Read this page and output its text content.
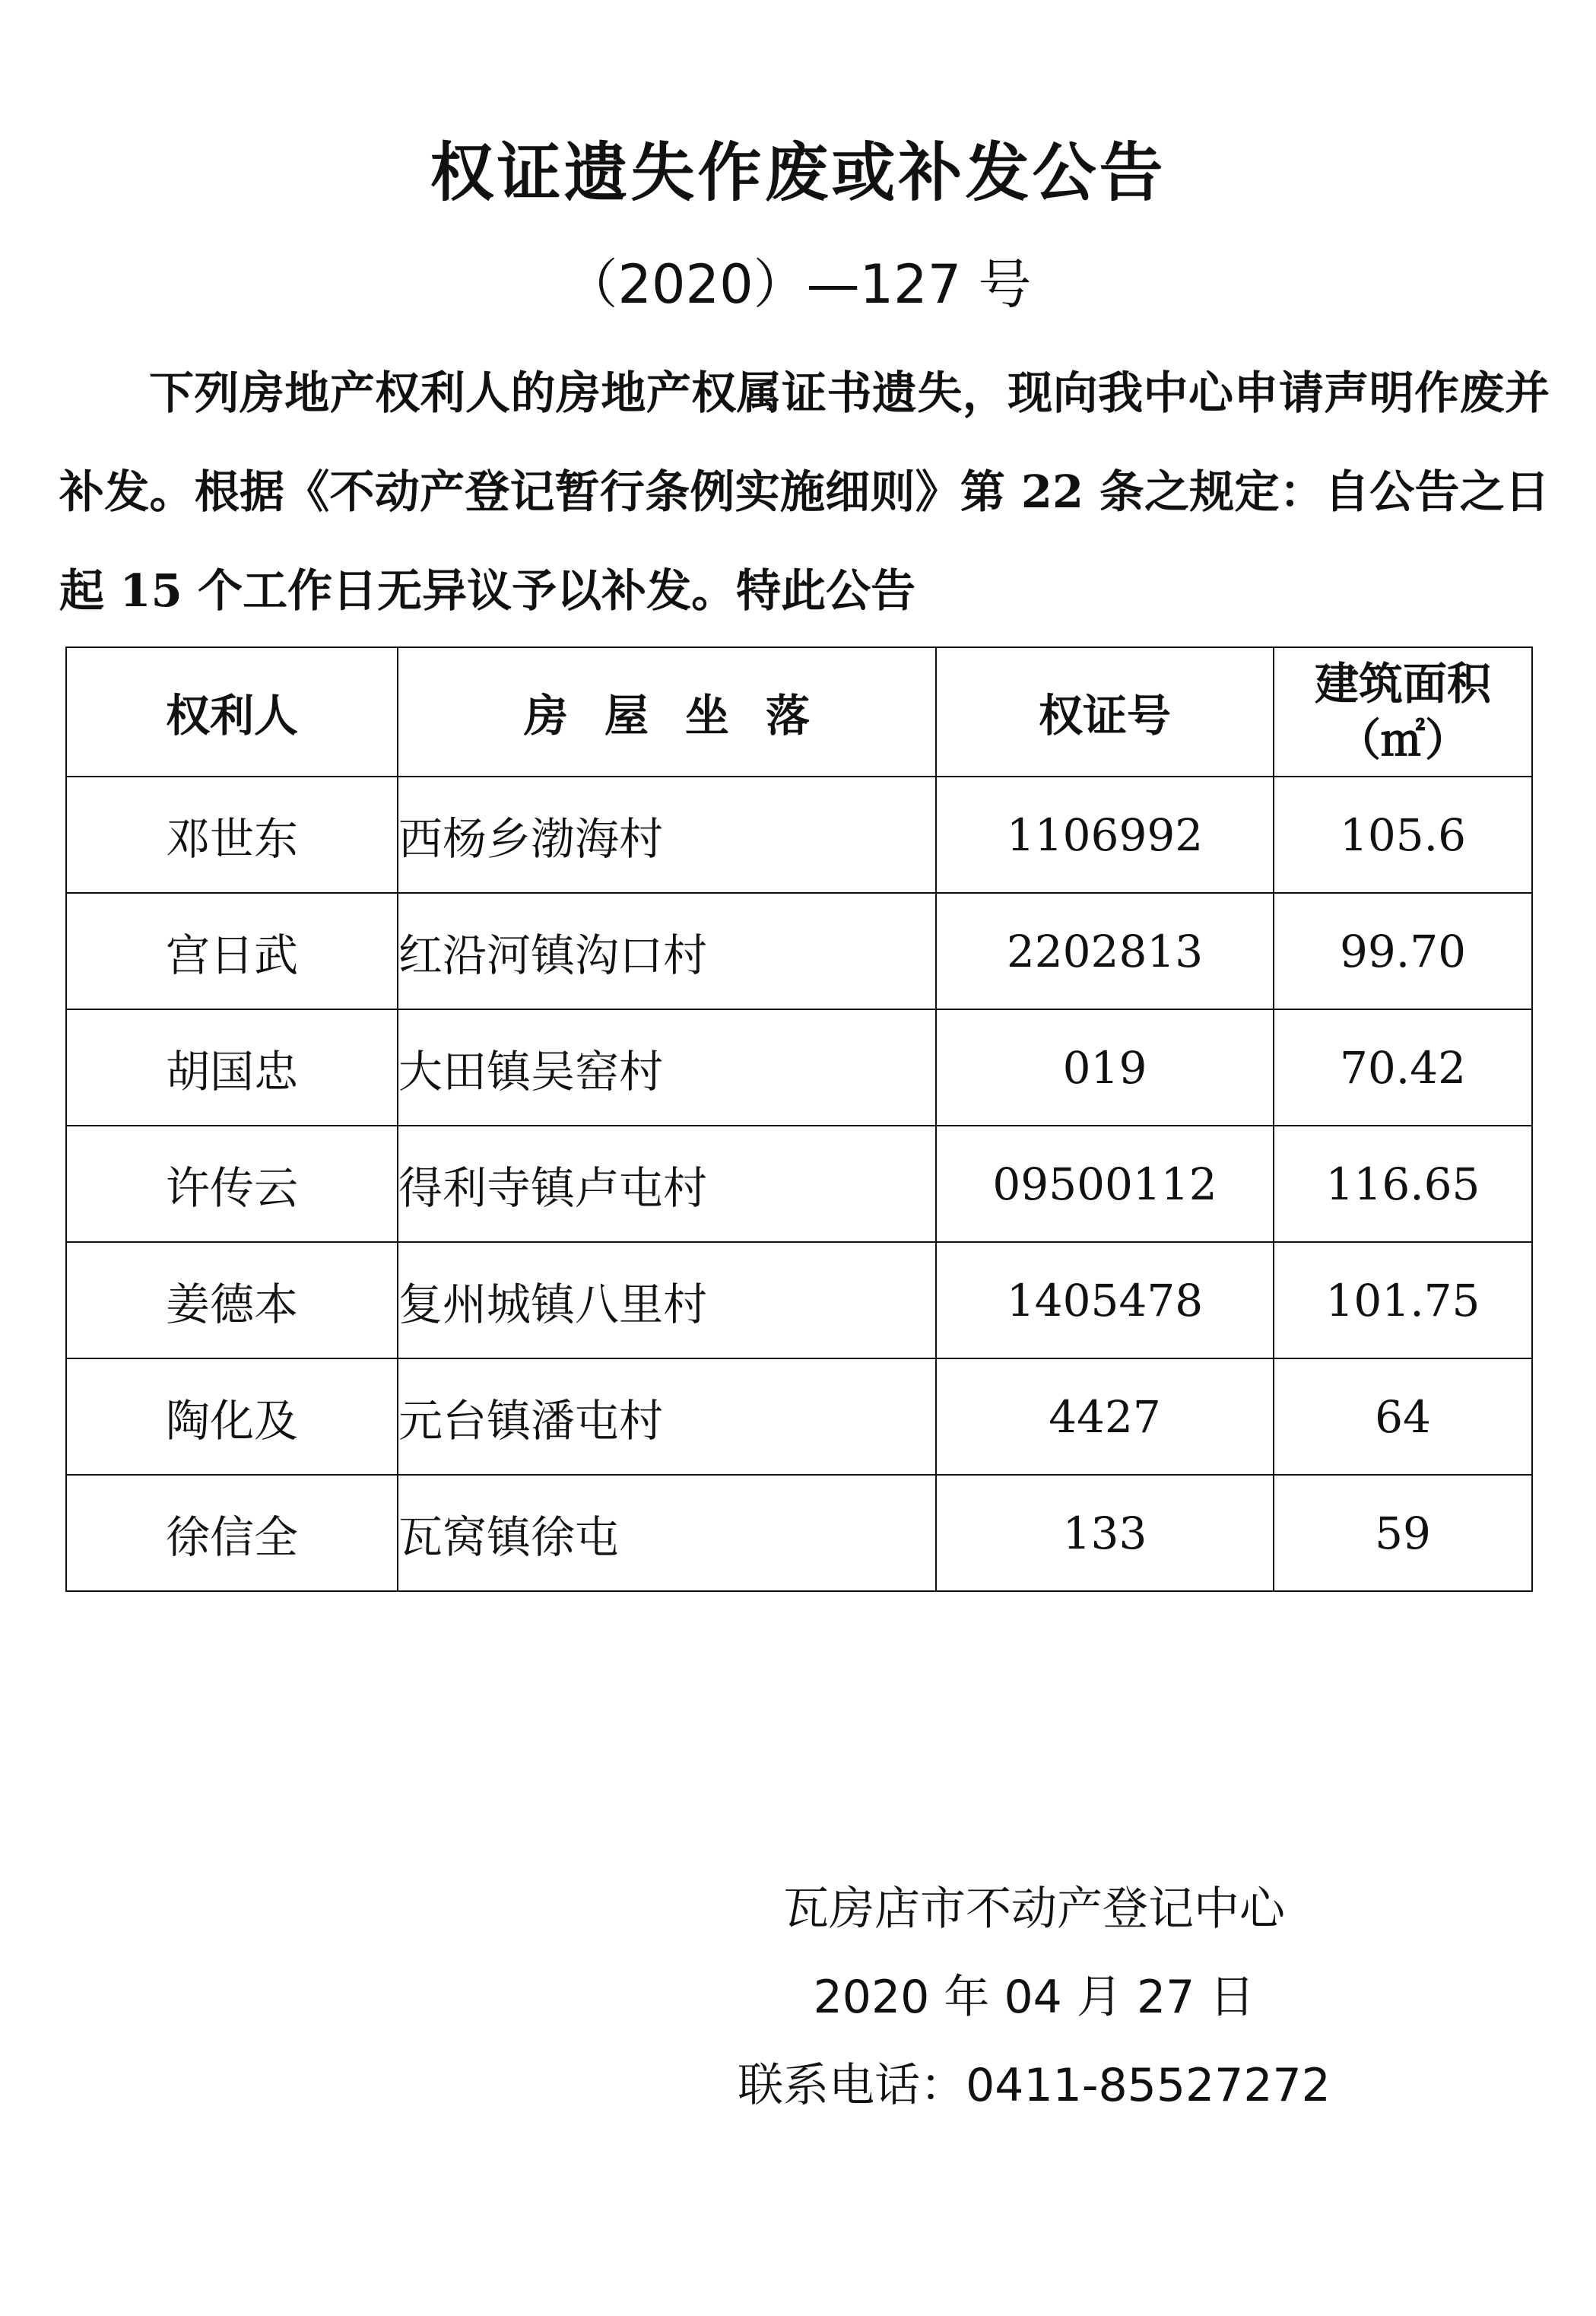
权证遗失作废或补发公告
（2020）—127 号

下列房地产权利人的房地产权属证书遗失，现向我中心申请声明作废并补发。根据《不动产登记暂行条例实施细则》第 22 条之规定：自公告之日起 15 个工作日无异议予以补发。特此公告

权利人	房屋坐落	权证号	建筑面积
（㎡）

邓世东	西杨乡渤海村	1106992	105.6
宫日武	红沿河镇沟口村	2202813	99.70
胡国忠	大田镇吴窑村	019	70.42
许传云	得利寺镇卢屯村	09500112	116.65
姜德本	复州城镇八里村	1405478	101.75
陶化及	元台镇潘屯村	4427	64
徐信全	瓦窝镇徐屯	133	59
瓦房店市不动产登记中心
2020 年 04 月 27 日
联系电话：0411-85527272
